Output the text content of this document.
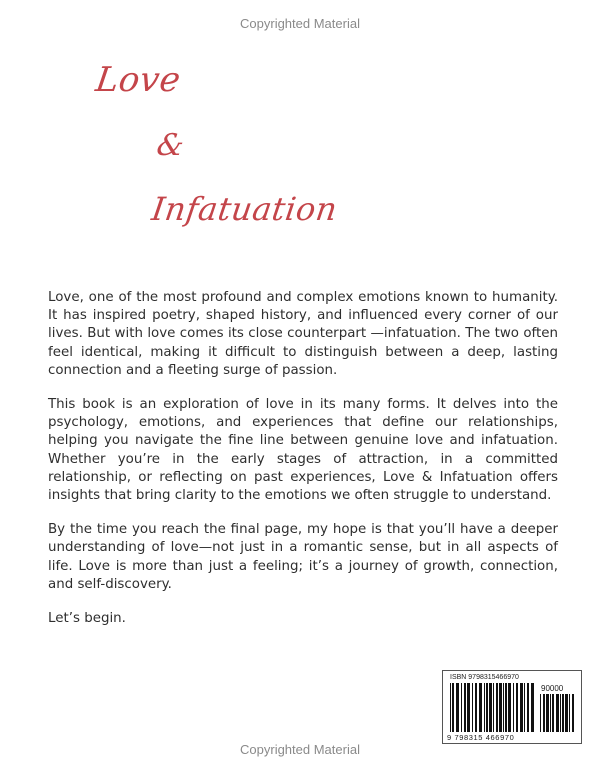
Copyrighted Material
Love
&
Infatuation

Love, one of the most profound and complex emotions known to humanity. It has inspired poetry, shaped history, and influenced every corner of our lives. But with love comes its close counterpart —infatuation. The two often feel identical, making it difficult to distinguish between a deep, lasting connection and a fleeting surge of passion.

This book is an exploration of love in its many forms. It delves into the psychology, emotions, and experiences that define our relationships, helping you navigate the fine line between genuine love and infatuation. Whether you’re in the early stages of attraction, in a committed relationship, or reflecting on past experiences, Love & Infatuation offers insights that bring clarity to the emotions we often struggle to understand.

By the time you reach the final page, my hope is that you’ll have a deeper understanding of love—not just in a romantic sense, but in all aspects of life. Love is more than just a feeling; it’s a journey of growth, connection, and self-discovery.

Let’s begin.

ISBN 9798315466970
90000
9 798315 466970
Copyrighted Material
